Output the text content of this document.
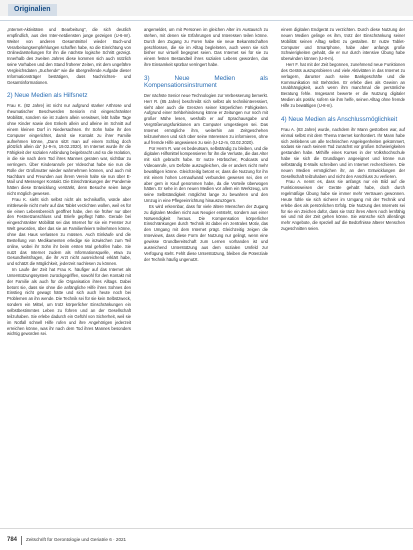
Originalien

„Internet-Aktivitäten und Bearbeitung“, die sich deutlich empfindlich, aus den Inter-netdiensten junge gezeigen (U-6-m!). Weiter von anderen Gesamtmittel wieder Buch-und Verarbeitungsempfehlungen schaffen habe, so die Einrichtung von Onlinedarstellungen für ihn die nächste logische Schritt gezeigt. Innerhalb des zweiten Jahres diese kommen sich auch nützlich seine Vorhaben und den Stand früherer Zeiten, mit dem ungefähre Vergleichsdaten „Suchende“ wie die übergreifende Aufgabe dieser Informationsträger bestätigen, dass Nachrichten- und Gesamtinformationen.

2) Neue Medien als Hilfsnetz

Frau K. (82 Jahre) ist nicht nur aufgrund starker Arthrose und rheumatischer Beschwerden Seniorin mit eingeschränkter Mobilität, sondern sie ist zudem allein verwitwet, lebt halbe Tage ohne Kinder sowie den Enkeln allein und alleine im Schnitt auf einem kleinen Dorf in Niedersachsen. Ihr Sohn habe ihr den Computer eingerichtet, damit sie Kontakt zu ihrer Familie aufnehmen könne, „Dann sitzt man auf einem Schlag doch plötzlich allein da“ (U-9-m, 19.02.2020). Im Internet wurde ihr die Fähigkeit der sozialen Anbindung beigebracht und so die Isolation, in die sie nach dem Tod ihres Mannes geraten war, sichtbar zu verringern. Über Kinderanrufe per Videochat habe sie nun die Rolle der Großmutter wieder wahrnehmen können, und auch mit Nachbarn und Freunden aus ihrem Verein halte sie nun über E-Mail und Messenger Kontakt. Die Einschränkungen der Pandemie hätten diese Entwicklung verstärkt, denn Besuche seien lange nicht möglich gewesen.

Frau K. sieht sich selbst nicht als technikaffin, würde aber mittlerweile nicht mehr auf das Tablet verzichten wollen, weil es für sie einen Lebensbereich geöffnet habe, den sie früher nur über den Festnetzanschluss und Briefe gepflegt hätte. Gerade bei eingeschränkter Mobilität sei das Internet für sie ein Fenster zur Welt geworden, über das sie an Familienfeiern teilnehmen könne, ohne das Haus verlassen zu müssen. Auch Einkäufe und die Bestellung von Medikamenten erledige sie inzwischen zum Teil online, wobei ihr Sohn ihr beim ersten Mal geholfen habe. Sie nutzt das Internet zudem als Informationsquelle, etwa zu Gesundheitsfragen, die ihr Arzt nicht ausreichend erklärt habe, und schätzt die Möglichkeit, jederzeit nachlesen zu können.

Im Laufe der Zeit hat Frau K. häufiger auf das Internet als Unterstützungssystem zurückgegriffen, sowohl für den Kontakt mit der Familie als auch für die Organisation ihres Alltags. Dabei betont sie, dass sie ohne die anfängliche Hilfe ihres Sohnes den Einstieg nicht gewagt hätte und sich auch heute noch bei Problemen an ihn wende. Die Technik sei für sie kein Selbstzweck, sondern ein Mittel, um trotz körperlicher Einschränkungen ein selbstbestimmtes Leben zu führen und an der Gesellschaft teilzuhaben. Sie erlebe dadurch ein Gefühl von Sicherheit, weil sie im Notfall schnell Hilfe rufen und ihre Angehörigen jederzeit erreichen könne, was ihr nach dem Tod ihres Mannes besonders wichtig geworden sei.

angemeldet, um mit Personen im gleichen Alter im Austausch zu stehen, mit denen sie Erfahrungen und Interessen teilen könne. Durch den Zugang zu Foren habe sie neue Bekanntschaften geschlossen, die sie im Alltag begleiteten, auch wenn sie sich bisher nur virtuell begegnet seien. Das Internet sei für sie zu einem festen Bestandteil ihres sozialen Lebens geworden, das ihre Einsamkeit spürbar verringert habe.

3) Neue Medien als Kompensationsinstrument

Der nächste Senior neue Technologien zur Verbesserung bemerkt. Herr R. (85 Jahre) beschreibt sich selbst als technikinteressiert, sieht aber auch die Grenzen seiner körperlichen Fähigkeiten. Aufgrund einer Sehbehinderung könne er Zeitungen nur noch mit großer Mühe lesen, weshalb er auf Sprachausgabe und Vergrößerungsfunktionen am Computer umgestiegen sei. Das Internet ermögliche ihm, weiterhin am Zeitgeschehen teilzunehmen und sich über seine Interessen zu informieren, ohne auf fremde Hilfe angewiesen zu sein (U-12-m, 03.02.2020).

Für Herrn R. war es bedeutsam, selbständig zu bleiben, und die digitalen Hilfsmittel kompensieren für ihn die Verluste, die das Alter mit sich gebracht habe. Er nutze Hörbücher, Podcasts und Videoanrufe, um Defizite auszugleichen, die er anders nicht mehr bewältigen könne. Gleichzeitig betont er, dass die Nutzung für ihn mit einem hohen Lernaufwand verbunden gewesen sei, den er aber gern in Kauf genommen habe, da die Vorteile überwogen hätten. Er sehe in den neuen Medien vor allem ein Werkzeug, um seine Selbständigkeit möglichst lange zu bewahren und den Umzug in eine Pflegeeinrichtung hinauszuzögern.

Es wird erkennbar, dass für viele ältere Menschen der Zugang zu digitalen Medien nicht aus Neugier entsteht, sondern aus einer Notwendigkeit heraus. Die Kompensation körperlicher Einschränkungen durch Technik ist dabei ein zentrales Motiv, das den Umgang mit dem Internet prägt. Gleichzeitig zeigen die Interviews, dass diese Form der Nutzung nur gelingt, wenn eine gewisse Grundbereitschaft zum Lernen vorhanden ist und ausreichend Unterstützung aus dem sozialen Umfeld zur Verfügung steht. Fehlt diese Unterstützung, bleiben die Potenziale der Technik häufig ungenutzt.

einem digitalen Endgerät zu verzichten. Durch diese Nutzung der neuen Medien gelinge es ihm, trotz der Einschränkung seiner Mobilität seinen Alltag selbst zu gestalten. Er nutze Tablet-Computer und Smartphone, habe aber anfangs große Schwierigkeiten gehabt, die er nur durch intensive Übung habe überwinden können (U-8-m).

Herr F. hat mit der Zeit begonnen, zunehmend neue Funktionen des Geräts auszuprobieren und viele Aktivitäten in das Internet zu verlagern, darunter auch seine Bankgeschäfte und die Kommunikation mit Behörden. Er erlebe dies als Gewinn an Unabhängigkeit, auch wenn ihm manchmal die persönliche Beratung fehle. Insgesamt bewerte er die Nutzung digitaler Medien als positiv, sofern sie ihm helfe, seinen Alltag ohne fremde Hilfe zu bewältigen (U-8-m).

4) Neue Medien als Anschlussmöglichkeit

Frau A. (83 Jahre) wurde, nachdem ihr Mann gestorben war, auf einmal selbst mit dem Thema Internet konfrontiert. Ihr Mann habe sich zeitlebens um alle technischen Angelegenheiten gekümmert, sodass sie nach seinem Tod zunächst vor großen Schwierigkeiten gestanden habe. Mithilfe eines Kurses in der Volkshochschule habe sie sich die Grundlagen angeeignet und könne nun selbständig E-Mails schreiben und im Internet recherchieren. Die neuen Medien ermöglichen ihr, an den Entwicklungen der Gesellschaft teilzuhaben und nicht den Anschluss zu verlieren.

Frau A. nennt es, dass sie anfangs nur ein Bild auf die Funktionsweisen der Geräte gehabt habe, doch durch regelmäßige Übung habe sie immer mehr Vertrauen gewonnen. Heute fühle sie sich sicherer im Umgang mit der Technik und erlebe dies als persönlichen Erfolg. Die Nutzung des Internets sei für sie ein Zeichen dafür, dass sie trotz ihres Alters noch lernfähig sei und mit der Zeit gehen könne. Sie wünsche sich allerdings mehr Angebote, die speziell auf die Bedürfnisse älterer Menschen zugeschnitten seien.

784 Zeitschrift für Gerontologie und Geriatrie 6 · 2021
